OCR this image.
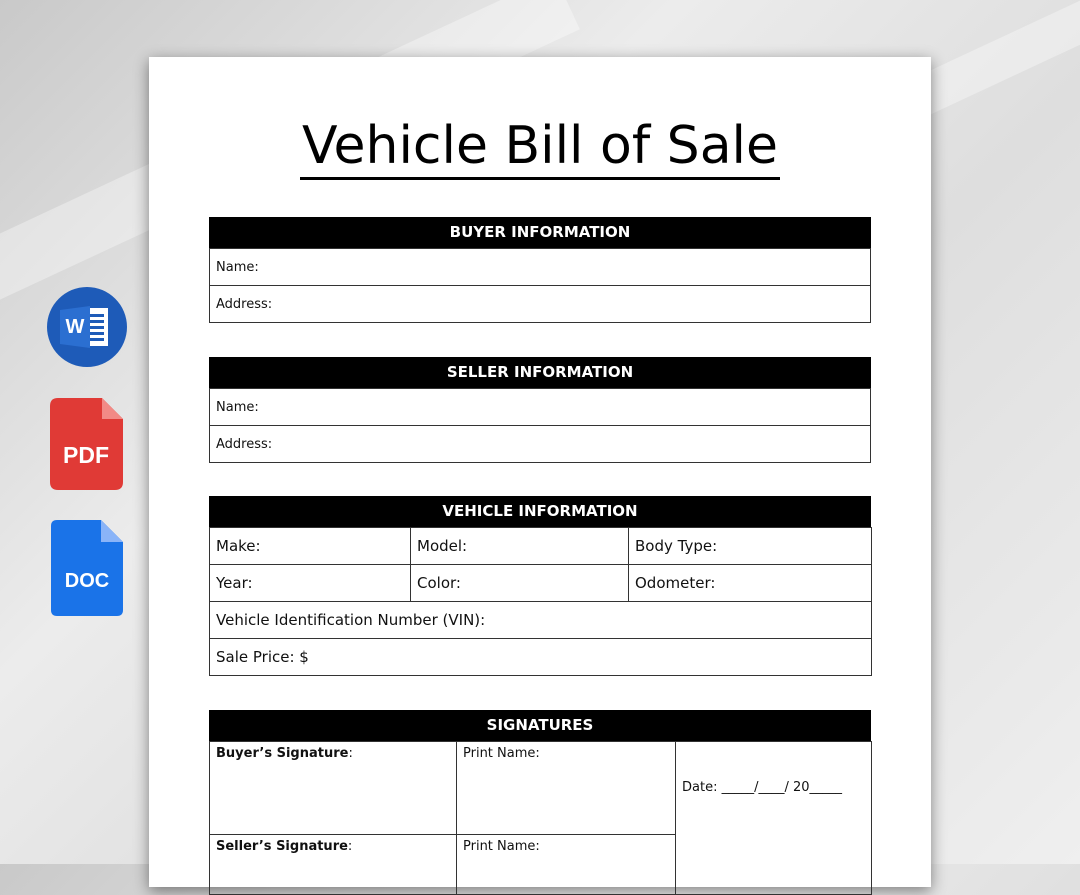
W
PDF
DOC
Vehicle Bill of Sale
BUYER INFORMATION
Name:
Address:
SELLER INFORMATION
Name:
Address:
VEHICLE INFORMATION
Make:	Model:	Body Type:
Year:	Color:	Odometer:
Vehicle Identification Number (VIN):		
Sale Price: $		
SIGNATURES
Buyer’s Signature:	Print Name:	Date: _____/____/ 20_____
Seller’s Signature:	Print Name:	
